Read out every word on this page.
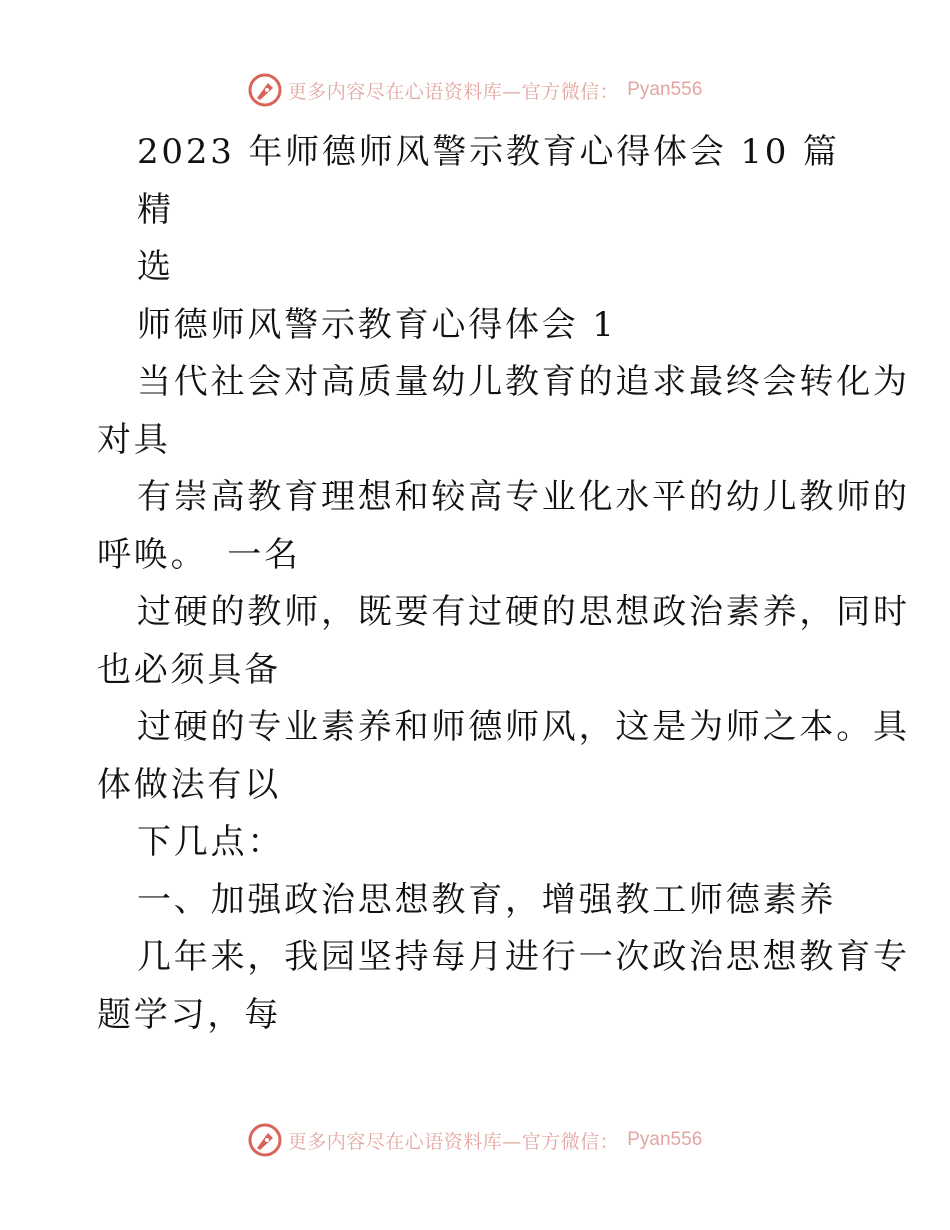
更多内容尽在心语资料库—官方微信： Pyan556
2023 年师德师风警示教育心得体会 10 篇
精
选
师德师风警示教育心得体会 1
当代社会对高质量幼儿教育的追求最终会转化为
对具
有崇高教育理想和较高专业化水平的幼儿教师的
呼唤。　一名
过硬的教师，既要有过硬的思想政治素养，同时
也必须具备
过硬的专业素养和师德师风，这是为师之本。具
体做法有以
下几点：
一、加强政治思想教育，增强教工师德素养
几年来，我园坚持每月进行一次政治思想教育专
题学习，每
更多内容尽在心语资料库—官方微信： Pyan556
